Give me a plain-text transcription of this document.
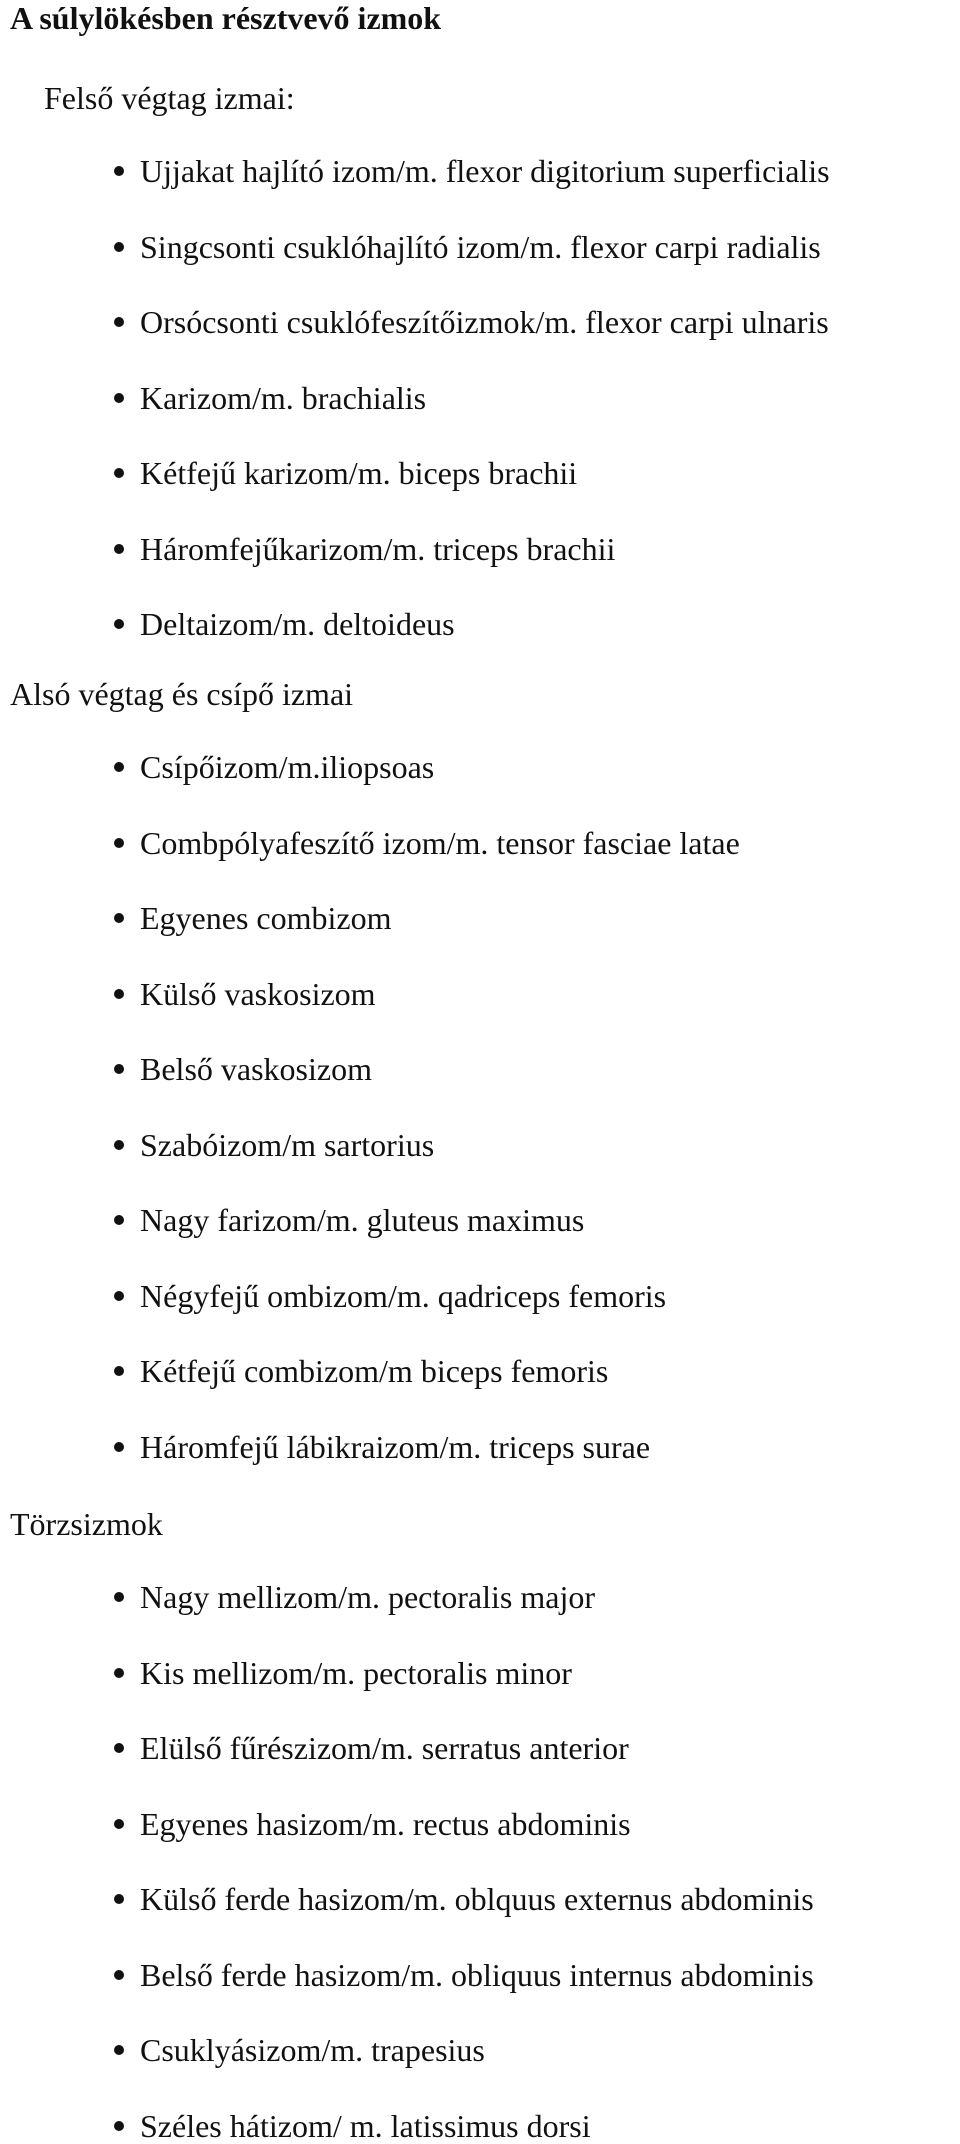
A súlylökésben résztvevő izmok
Felső végtag izmai:
Ujjakat hajlító izom/m. flexor digitorium superficialis
Singcsonti csuklóhajlító izom/m. flexor carpi radialis
Orsócsonti csuklófeszítőizmok/m. flexor carpi ulnaris
Karizom/m. brachialis
Kétfejű karizom/m. biceps brachii
Háromfejűkarizom/m. triceps brachii
Deltaizom/m. deltoideus
Alsó végtag és csípő izmai
Csípőizom/m.iliopsoas
Combpólyafeszítő izom/m. tensor fasciae latae
Egyenes combizom
Külső vaskosizom
Belső vaskosizom
Szabóizom/m sartorius
Nagy farizom/m. gluteus maximus
Négyfejű ombizom/m. qadriceps femoris
Kétfejű combizom/m biceps femoris
Háromfejű lábikraizom/m. triceps surae
Törzsizmok
Nagy mellizom/m. pectoralis major
Kis mellizom/m. pectoralis minor
Elülső fűrészizom/m. serratus anterior
Egyenes hasizom/m. rectus abdominis
Külső ferde hasizom/m. oblquus externus abdominis
Belső ferde hasizom/m. obliquus internus abdominis
Csuklyásizom/m. trapesius
Széles hátizom/ m. latissimus dorsi
